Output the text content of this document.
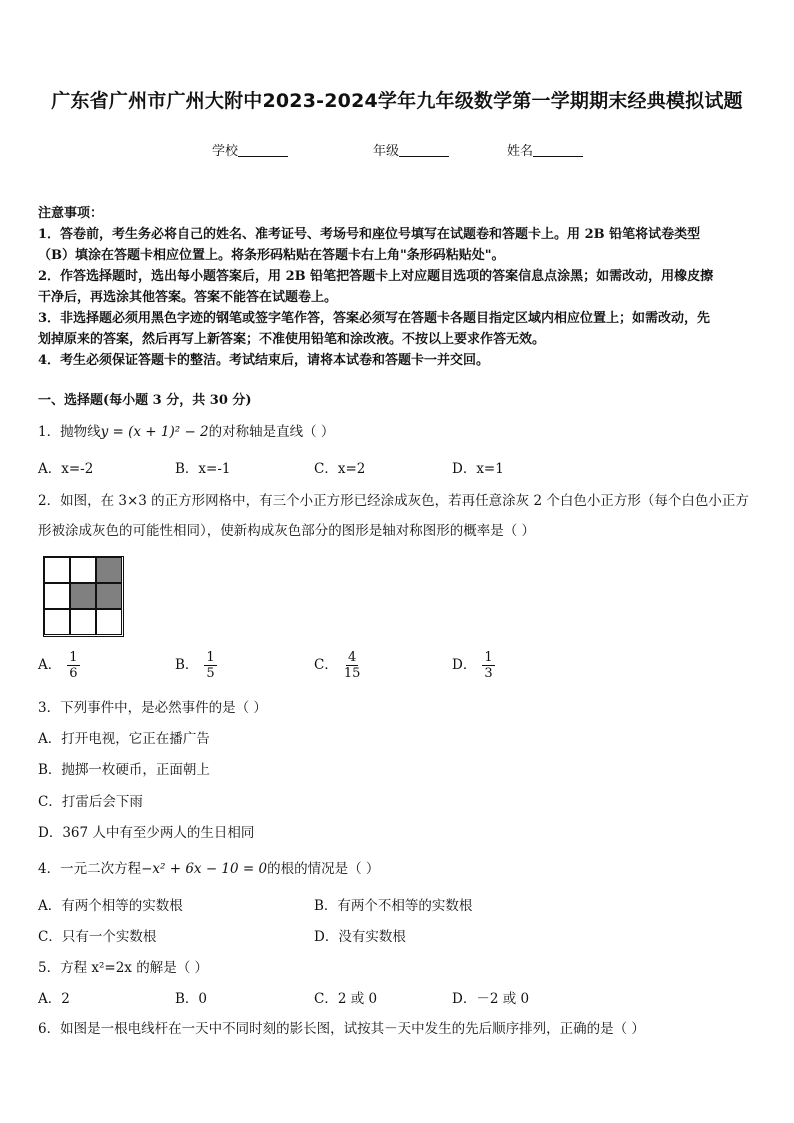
广东省广州市广州大附中2023-2024学年九年级数学第一学期期末经典模拟试题
学校	年级	姓名
注意事项：
1．答卷前，考生务必将自己的姓名、准考证号、考场号和座位号填写在试题卷和答题卡上。用 2B 铅笔将试卷类型
（B）填涂在答题卡相应位置上。将条形码粘贴在答题卡右上角"条形码粘贴处"。
2．作答选择题时，选出每小题答案后，用 2B 铅笔把答题卡上对应题目选项的答案信息点涂黑；如需改动，用橡皮擦
干净后，再选涂其他答案。答案不能答在试题卷上。
3．非选择题必须用黑色字迹的钢笔或签字笔作答，答案必须写在答题卡各题目指定区域内相应位置上；如需改动，先
划掉原来的答案，然后再写上新答案；不准使用铅笔和涂改液。不按以上要求作答无效。
4．考生必须保证答题卡的整洁。考试结束后，请将本试卷和答题卡一并交回。
一、选择题(每小题 3 分，共 30 分)
1．抛物线y = (x + 1)² − 2的对称轴是直线（ ）
A．x=-2	B．x=-1	C．x=2	D．x=1
2．如图，在 3×3 的正方形网格中，有三个小正方形已经涂成灰色，若再任意涂灰 2 个白色小正方形（每个白色小正方
形被涂成灰色的可能性相同），使新构成灰色部分的图形是轴对称图形的概率是（ ）
A． $\frac{1}{6}$	B． $\frac{1}{5}$	C． $\frac{4}{15}$	D． $\frac{1}{3}$
3．下列事件中，是必然事件的是（ ）
A．打开电视，它正在播广告
B．抛掷一枚硬币，正面朝上
C．打雷后会下雨
D．367 人中有至少两人的生日相同
4．一元二次方程−x² + 6x − 10 = 0的根的情况是（ ）
A．有两个相等的实数根	B．有两个不相等的实数根
C．只有一个实数根	D．没有实数根
5．方程 x²=2x 的解是（ ）
A．2	B．0	C．2 或 0	D．－2 或 0
6．如图是一根电线杆在一天中不同时刻的影长图，试按其－天中发生的先后顺序排列，正确的是（ ）
